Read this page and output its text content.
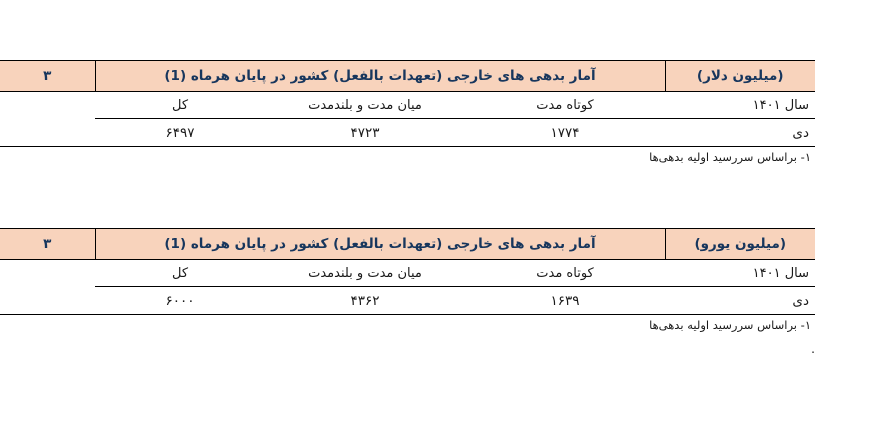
(میلیون دلار)	آمار بدهی های خارجی (تعهدات بالفعل) کشور در پایان هرماه (1)			۳

سال ۱۴۰۱	کوتاه مدت	میان مدت و بلندمدت	کل	

دی	۱۷۷۴	۴۷۲۳	۶۴۹۷	
۱- براساس سررسید اولیه بدهی‌ها
(میلیون یورو)	آمار بدهی های خارجی (تعهدات بالفعل) کشور در پایان هرماه (1)			۳

سال ۱۴۰۱	کوتاه مدت	میان مدت و بلندمدت	کل	

دی	۱۶۳۹	۴۳۶۲	۶۰۰۰	
۱- براساس سررسید اولیه بدهی‌ها
.
